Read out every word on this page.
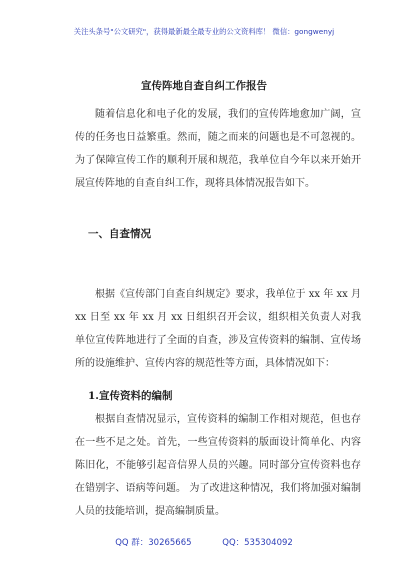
关注头条号"公文研究"，获得最新最全最专业的公文资料库！ 微信：gongwenyj
宣传阵地自查自纠工作报告
随着信息化和电子化的发展，我们的宣传阵地愈加广阔，宣传的任务也日益繁重。然而，随之而来的问题也是不可忽视的。为了保障宣传工作的顺利开展和规范，我单位自今年以来开始开展宣传阵地的自查自纠工作，现将具体情况报告如下。
一、自查情况
根据《宣传部门自查自纠规定》要求，我单位于 xx 年 xx 月 xx 日至 xx 年 xx 月 xx 日组织召开会议，组织相关负责人对我单位宣传阵地进行了全面的自查，涉及宣传资料的编制、宣传场所的设施维护、宣传内容的规范性等方面，具体情况如下：
1.宣传资料的编制
根据自查情况显示，宣传资料的编制工作相对规范，但也存在一些不足之处。首先，一些宣传资料的版面设计简单化、内容陈旧化，不能够引起音信界人员的兴趣。同时部分宣传资料也存在错别字、语病等问题。 为了改进这种情况，我们将加强对编制人员的技能培训，提高编制质量。
QQ 群：30265665	QQ：535304092
